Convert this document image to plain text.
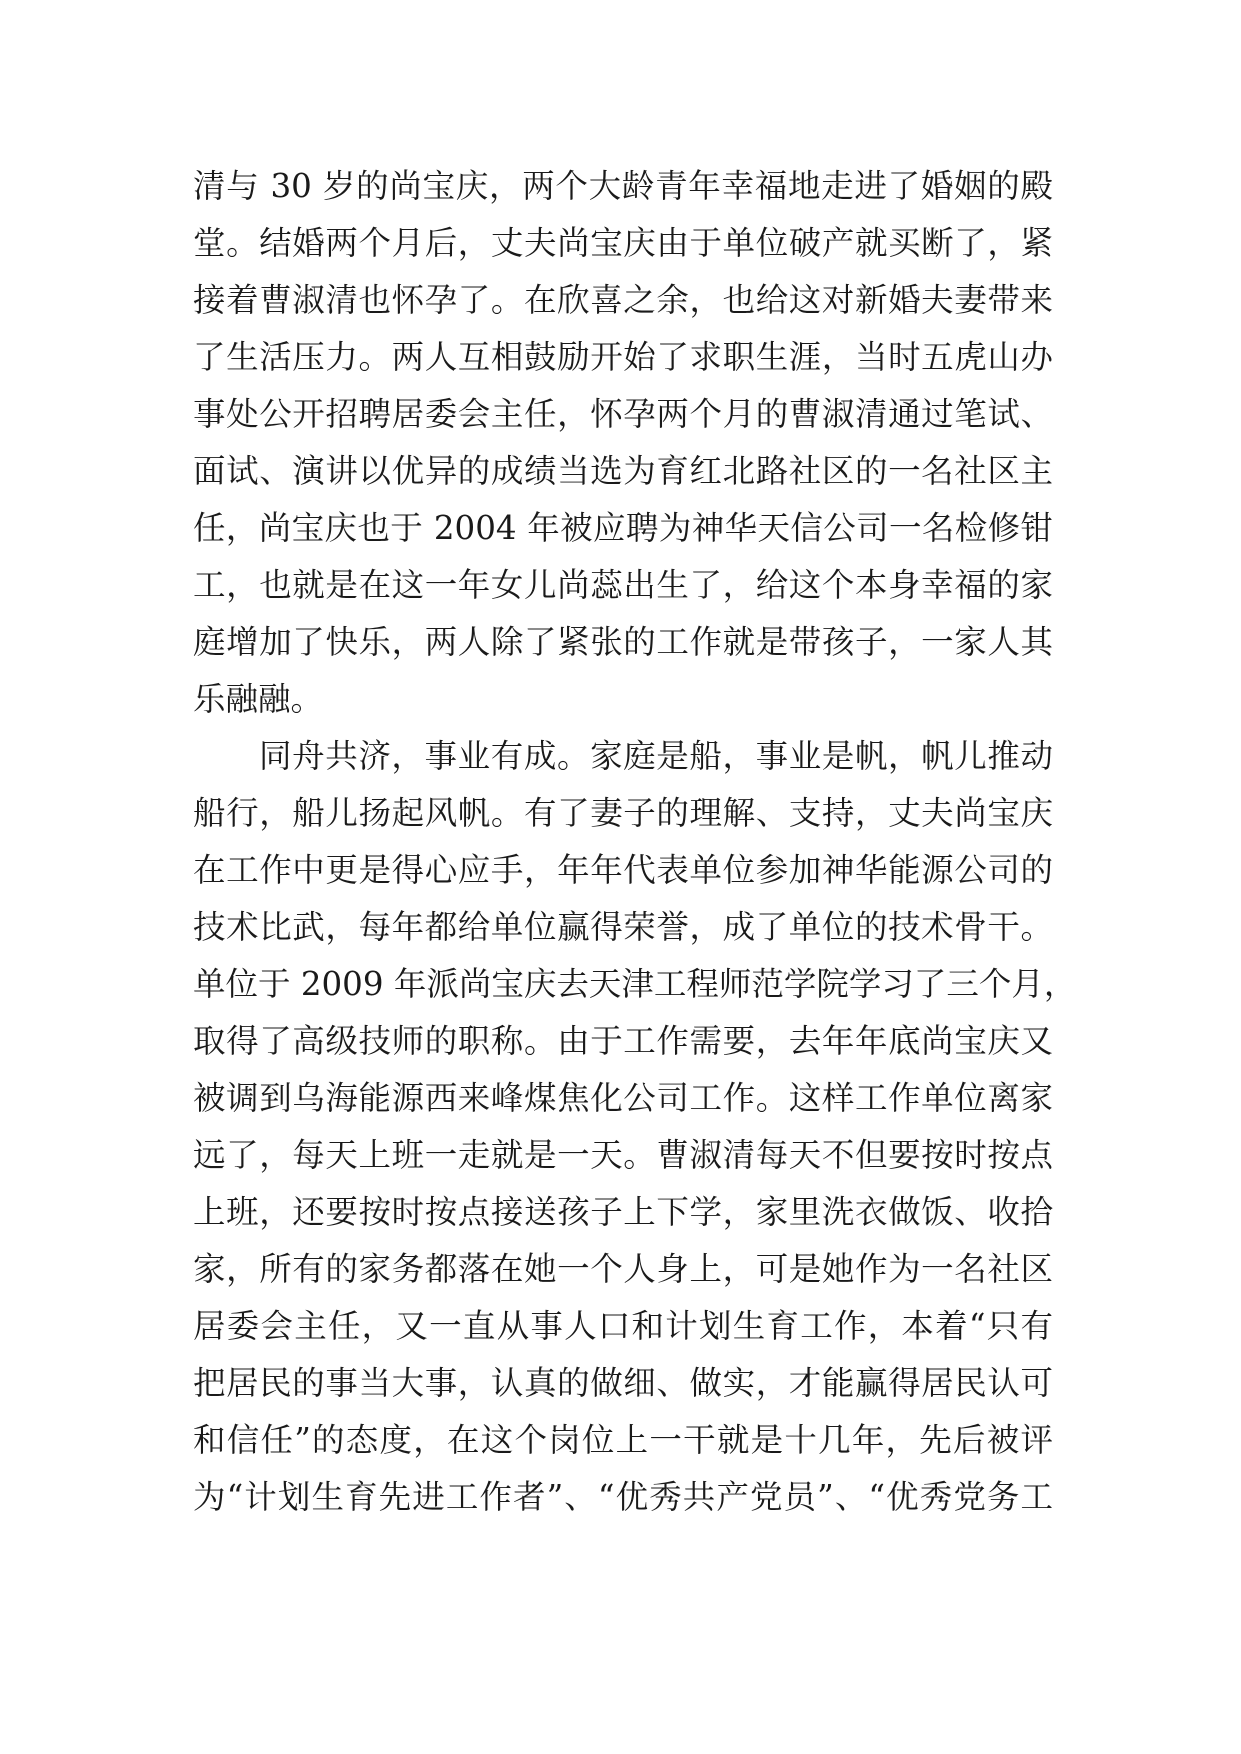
清与 30 岁的尚宝庆，两个大龄青年幸福地走进了婚姻的殿
堂。结婚两个月后，丈夫尚宝庆由于单位破产就买断了，紧
接着曹淑清也怀孕了。在欣喜之余，也给这对新婚夫妻带来
了生活压力。两人互相鼓励开始了求职生涯，当时五虎山办
事处公开招聘居委会主任，怀孕两个月的曹淑清通过笔试、
面试、演讲以优异的成绩当选为育红北路社区的一名社区主
任，尚宝庆也于 2004 年被应聘为神华天信公司一名检修钳
工，也就是在这一年女儿尚蕊出生了，给这个本身幸福的家
庭增加了快乐，两人除了紧张的工作就是带孩子，一家人其
乐融融。
同舟共济，事业有成。家庭是船，事业是帆，帆儿推动
船行，船儿扬起风帆。有了妻子的理解、支持，丈夫尚宝庆
在工作中更是得心应手，年年代表单位参加神华能源公司的
技术比武，每年都给单位赢得荣誉，成了单位的技术骨干。
单位于 2009 年派尚宝庆去天津工程师范学院学习了三个月，
取得了高级技师的职称。由于工作需要，去年年底尚宝庆又
被调到乌海能源西来峰煤焦化公司工作。这样工作单位离家
远了，每天上班一走就是一天。曹淑清每天不但要按时按点
上班，还要按时按点接送孩子上下学，家里洗衣做饭、收拾
家，所有的家务都落在她一个人身上，可是她作为一名社区
居委会主任，又一直从事人口和计划生育工作，本着“只有
把居民的事当大事，认真的做细、做实，才能赢得居民认可
和信任”的态度，在这个岗位上一干就是十几年，先后被评
为“计划生育先进工作者”、“优秀共产党员”、“优秀党务工
